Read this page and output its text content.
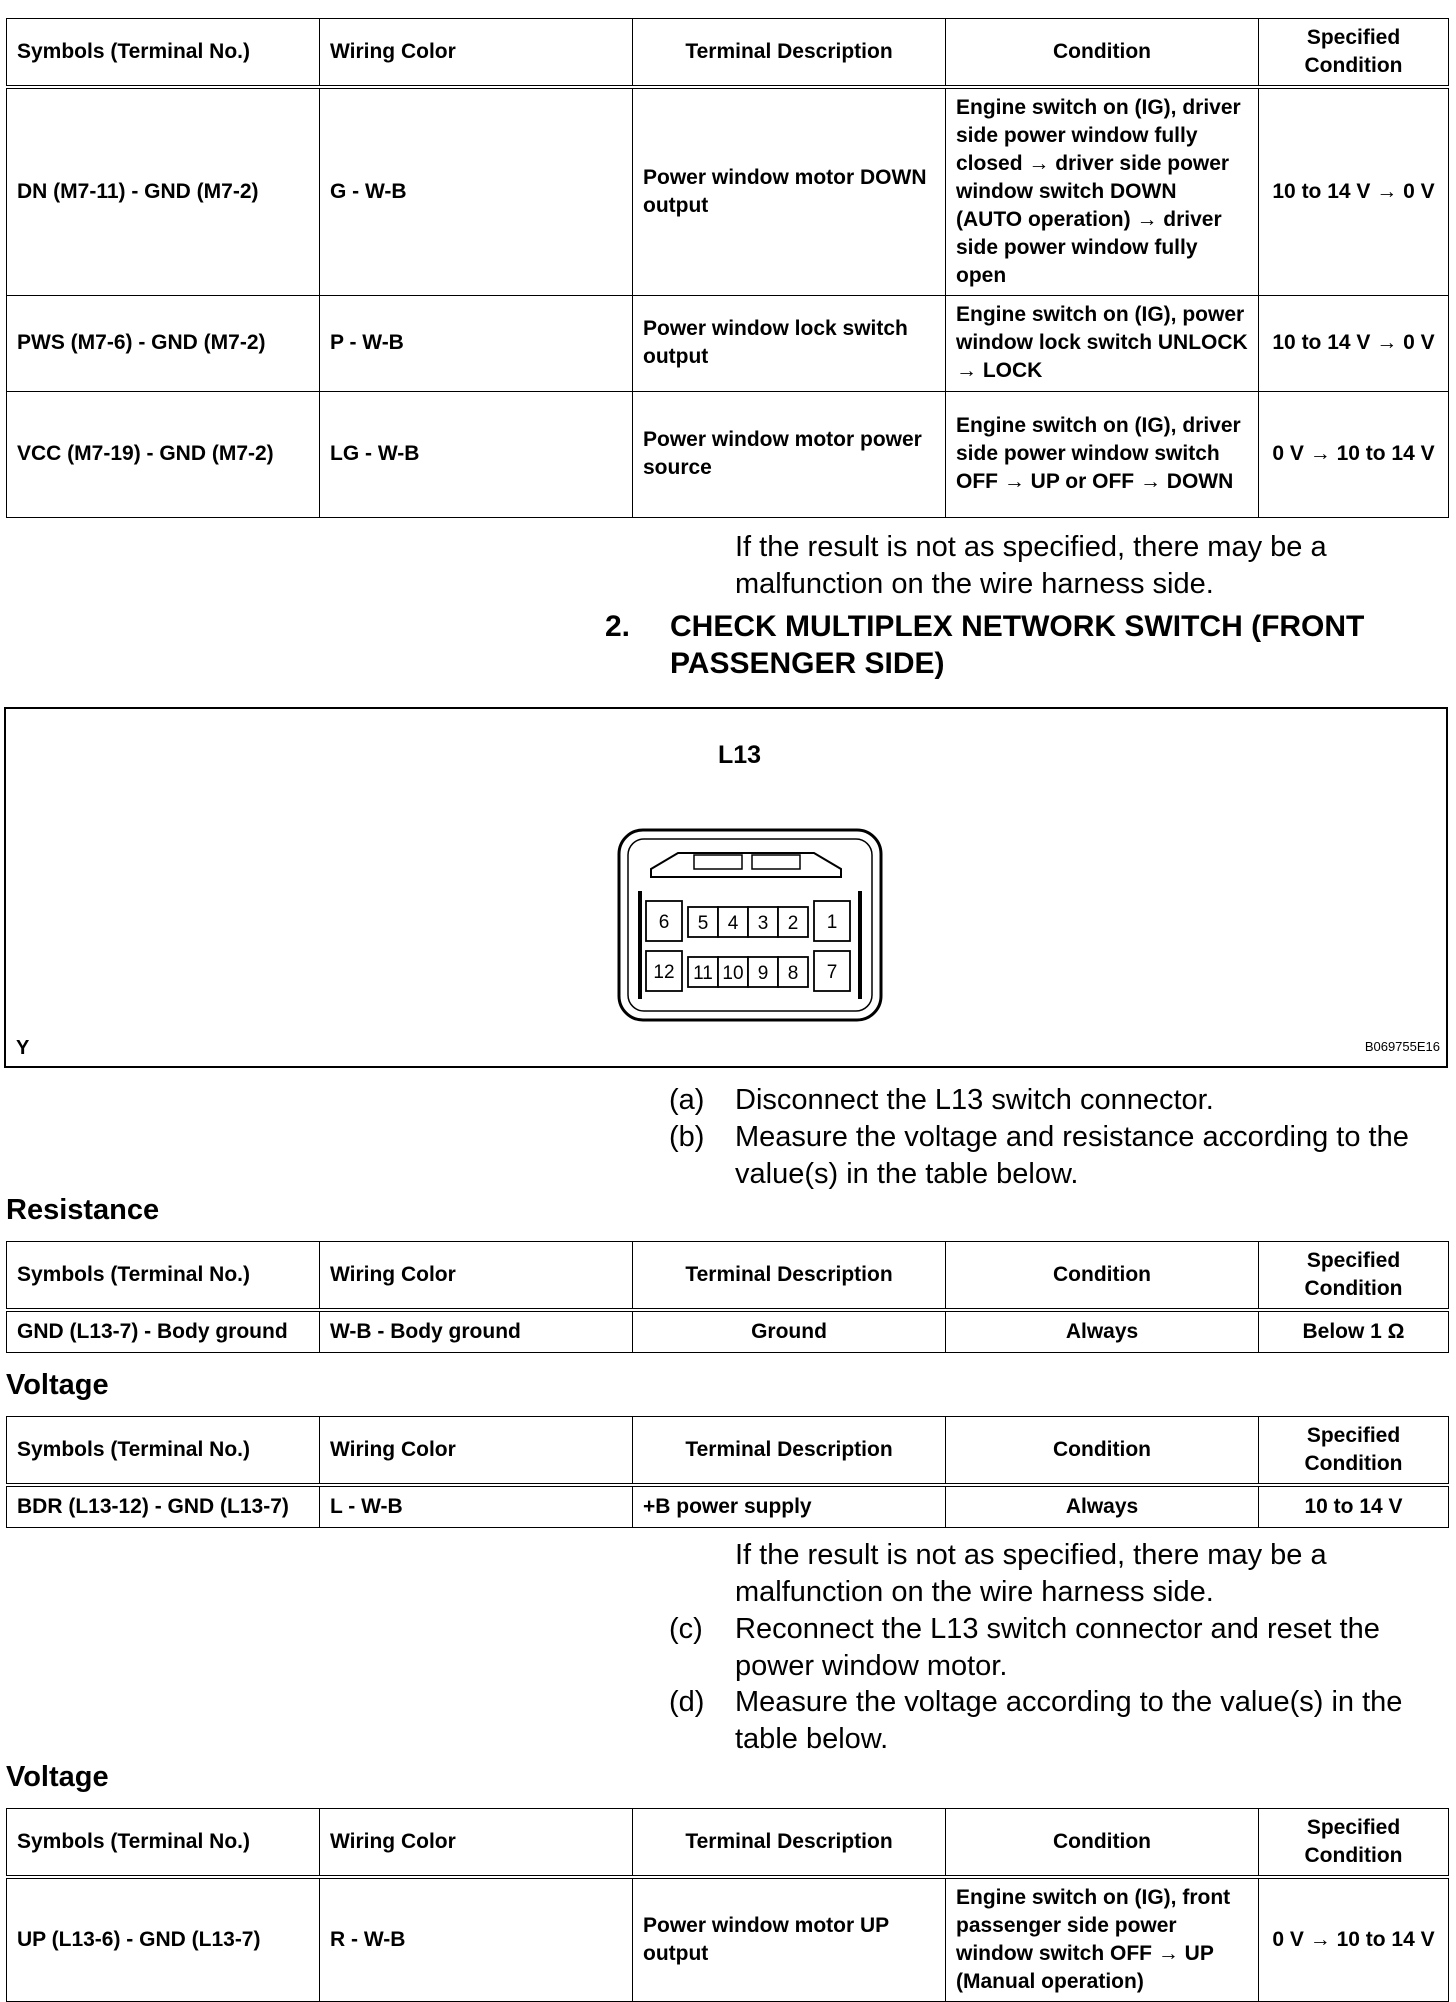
Symbols (Terminal No.)	Wiring Color	Terminal Description	Condition	Specified Condition
DN (M7-11) - GND (M7-2)	G - W-B	Power window motor DOWN output	Engine switch on (IG), driver side power window fully closed → driver side power window switch DOWN (AUTO operation) → driver side power window fully open	10 to 14 V → 0 V
PWS (M7-6) - GND (M7-2)	P - W-B	Power window lock switch output	Engine switch on (IG), power window lock switch UNLOCK → LOCK	10 to 14 V → 0 V
VCC (M7-19) - GND (M7-2)	LG - W-B	Power window motor power source	Engine switch on (IG), driver side power window switch OFF → UP or OFF → DOWN	0 V → 10 to 14 V
If the result is not as specified, there may be a malfunction on the wire harness side.
2. CHECK MULTIPLEX NETWORK SWITCH (FRONT PASSENGER SIDE)
L13
6 5 4 3 2 1
12 11 10 9 8 7
Y	B069755E16
(a) Disconnect the L13 switch connector.
(b) Measure the voltage and resistance according to the value(s) in the table below.
Resistance
Symbols (Terminal No.)	Wiring Color	Terminal Description	Condition	Specified Condition
GND (L13-7) - Body ground	W-B - Body ground	Ground	Always	Below 1 Ω
Voltage
Symbols (Terminal No.)	Wiring Color	Terminal Description	Condition	Specified Condition
BDR (L13-12) - GND (L13-7)	L - W-B	+B power supply	Always	10 to 14 V
If the result is not as specified, there may be a malfunction on the wire harness side.
(c) Reconnect the L13 switch connector and reset the power window motor.
(d) Measure the voltage according to the value(s) in the table below.
Voltage
Symbols (Terminal No.)	Wiring Color	Terminal Description	Condition	Specified Condition
UP (L13-6) - GND (L13-7)	R - W-B	Power window motor UP output	Engine switch on (IG), front passenger side power window switch OFF → UP (Manual operation)	0 V → 10 to 14 V
